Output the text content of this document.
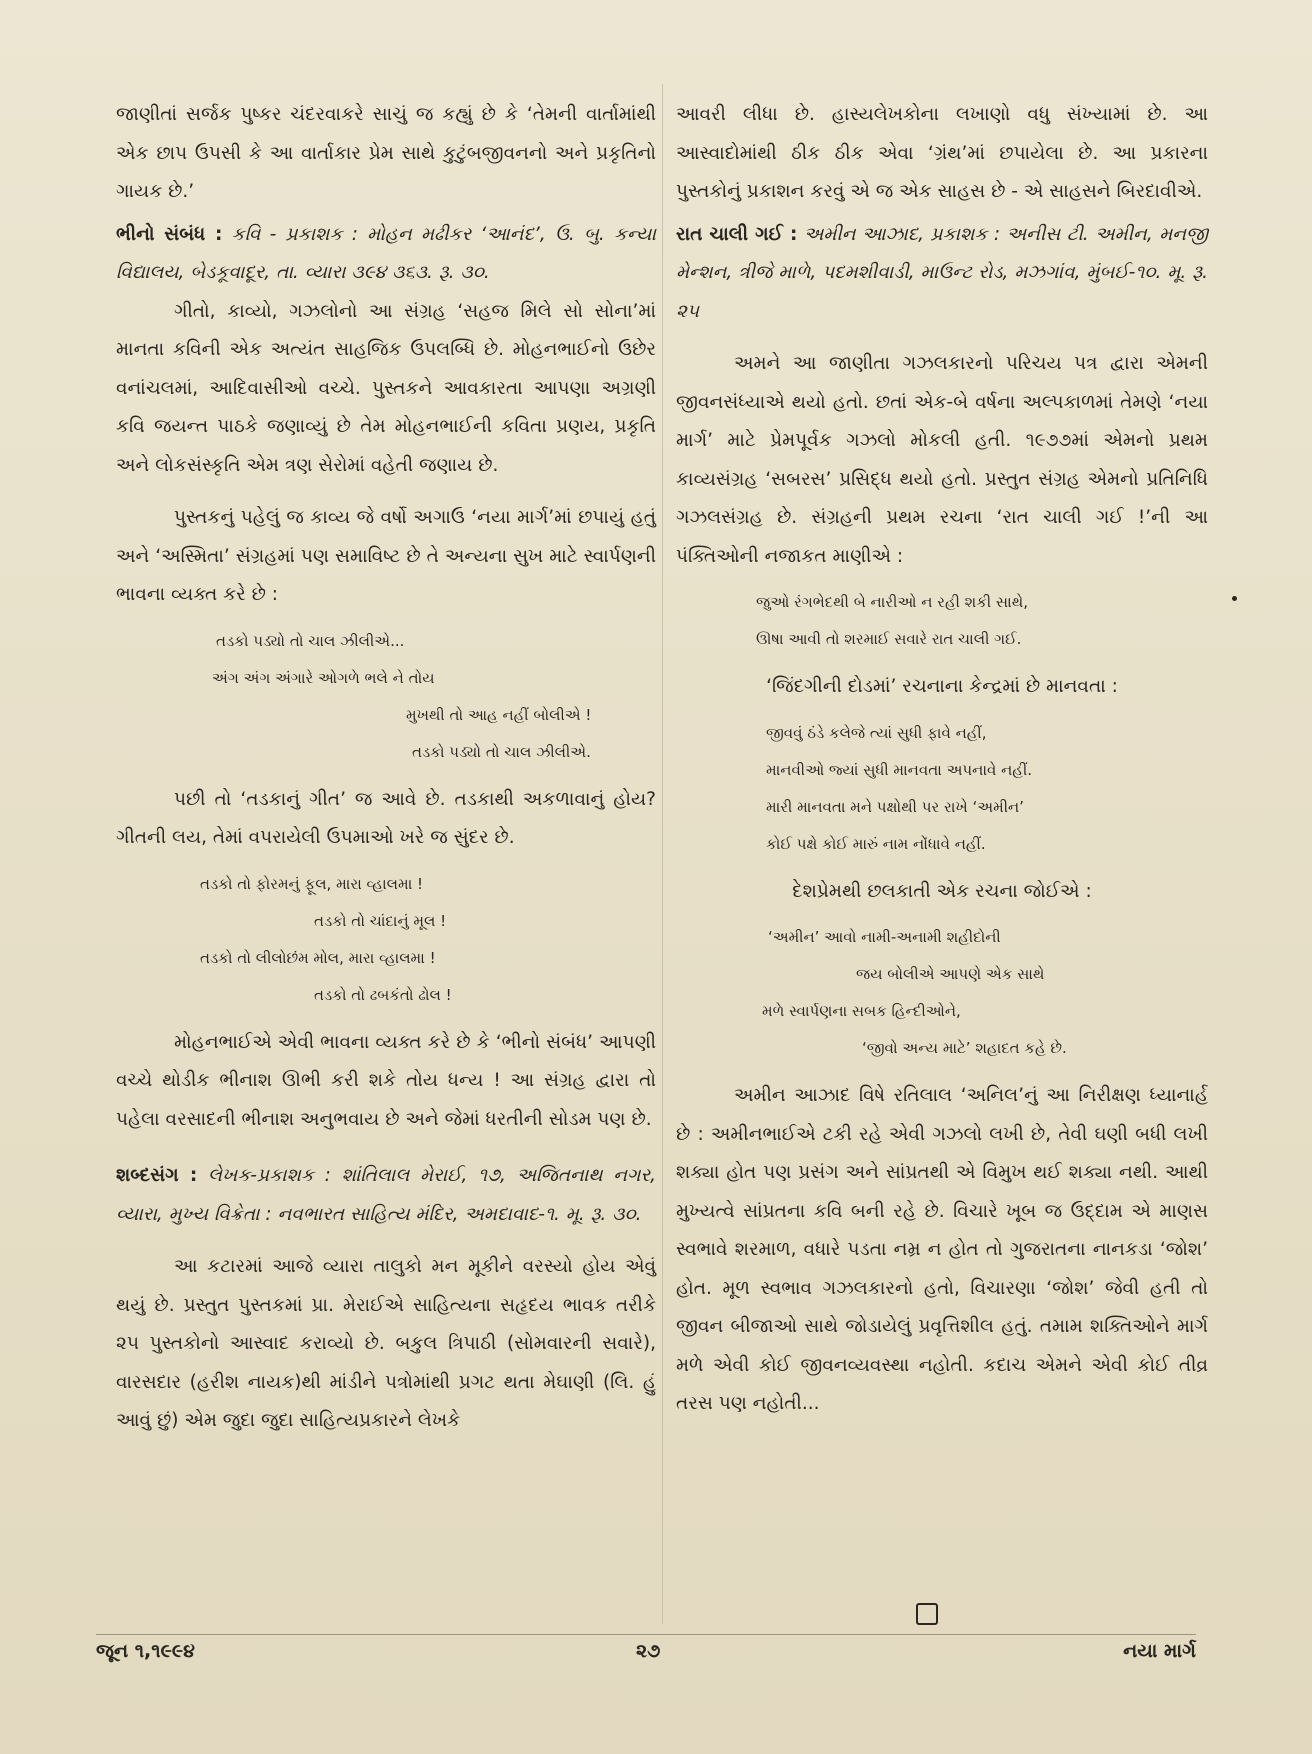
જાણીતાં સર્જક પુષ્કર ચંદરવાકરે સાચું જ કહ્યું છે કે ‘તેમની વાર્તામાંથી એક છાપ ઉપસી કે આ વાર્તાકાર પ્રેમ સાથે કુટુંબજીવનનો અને પ્રકૃતિનો ગાયક છે.’

ભીનો સંબંધ : કવિ - પ્રકાશક : મોહન મઢીકર ‘આનંદ’, ઉ. બુ. કન્યા વિદ્યાલય, બેડકૂવાદૂર, તા. વ્યારા ૩૯૪ ૩૬૩. રૂ. ૩૦.

ગીતો, કાવ્યો, ગઝલોનો આ સંગ્રહ ‘સહજ મિલે સો સોના’માં માનતા કવિની એક અત્યંત સાહજિક ઉપલબ્ધિ છે. મોહનભાઈનો ઉછેર વનાંચલમાં, આદિવાસીઓ વચ્ચે. પુસ્તકને આવકારતા આપણા અગ્રણી કવિ જયન્ત પાઠકે જણાવ્યું છે તેમ મોહનભાઈની કવિતા પ્રણય, પ્રકૃતિ અને લોકસંસ્કૃતિ એમ ત્રણ સેરોમાં વહેતી જણાય છે.

પુસ્તકનું પહેલું જ કાવ્ય જે વર્ષો અગાઉ ‘નયા માર્ગ’માં છપાયું હતું અને ‘અસ્મિતા’ સંગ્રહમાં પણ સમાવિષ્ટ છે તે અન્યના સુખ માટે સ્વાર્પણની ભાવના વ્યક્ત કરે છે :

તડકો પડ્યો તો ચાલ ઝીલીએ...
અંગ અંગ અંગારે ઓગળે ભલે ને તોય
મુખથી તો આહ નહીં બોલીએ !
તડકો પડ્યો તો ચાલ ઝીલીએ.

પછી તો ‘તડકાનું ગીત’ જ આવે છે. તડકાથી અકળાવાનું હોય? ગીતની લય, તેમાં વપરાયેલી ઉપમાઓ ખરે જ સુંદર છે.

તડકો તો ફોરમનું ફૂલ, મારા વ્હાલમા !
તડકો તો ચાંદાનું મૂલ !
તડકો તો લીલોછંમ મોલ, મારા વ્હાલમા !
તડકો તો ઢબકંતો ઢોલ !

મોહનભાઈએ એવી ભાવના વ્યક્ત કરે છે કે ‘ભીનો સંબંધ’ આપણી વચ્ચે થોડીક ભીનાશ ઊભી કરી શકે તોય ધન્ય ! આ સંગ્રહ દ્વારા તો પહેલા વરસાદની ભીનાશ અનુભવાય છે અને જેમાં ધરતીની સોડમ પણ છે.

શબ્દસંગ : લેખક-પ્રકાશક : શાંતિલાલ મેરાઈ, ૧૭, અજિતનાથ નગર, વ્યારા, મુખ્ય વિક્રેતા : નવભારત સાહિત્ય મંદિર, અમદાવાદ-૧. મૂ. રૂ. ૩૦.

આ કટારમાં આજે વ્યારા તાલુકો મન મૂકીને વરસ્યો હોય એવું થયું છે. પ્રસ્તુત પુસ્તકમાં પ્રા. મેરાઈએ સાહિત્યના સહૃદય ભાવક તરીકે ૨૫ પુસ્તકોનો આસ્વાદ કરાવ્યો છે. બકુલ ત્રિપાઠી (સોમવારની સવારે), વારસદાર (હરીશ નાયક)થી માંડીને પત્રોમાંથી પ્રગટ થતા મેઘાણી (લિ. હું આવું છું) એમ જુદા જુદા સાહિત્યપ્રકારને લેખકે

આવરી લીધા છે. હાસ્યલેખકોના લખાણો વધુ સંખ્યામાં છે. આ આસ્વાદોમાંથી ઠીક ઠીક એવા ‘ગ્રંથ’માં છપાયેલા છે. આ પ્રકારના પુસ્તકોનું પ્રકાશન કરવું એ જ એક સાહસ છે - એ સાહસને બિરદાવીએ.

રાત ચાલી ગઈ : અમીન આઝાદ, પ્રકાશક : અનીસ ટી. અમીન, મનજી મેન્શન, ત્રીજે માળે, પદમશીવાડી, માઉન્ટ રોડ, મઝગાંવ, મુંબઈ-૧૦. મૂ. રૂ. ૨૫

અમને આ જાણીતા ગઝલકારનો પરિચય પત્ર દ્વારા એમની જીવનસંધ્યાએ થયો હતો. છતાં એક-બે વર્ષના અલ્પકાળમાં તેમણે ‘નયા માર્ગ’ માટે પ્રેમપૂર્વક ગઝલો મોકલી હતી. ૧૯૭૭માં એમનો પ્રથમ કાવ્યસંગ્રહ ‘સબરસ’ પ્રસિદ્ધ થયો હતો. પ્રસ્તુત સંગ્રહ એમનો પ્રતિનિધિ ગઝલસંગ્રહ છે. સંગ્રહની પ્રથમ રચના ‘રાત ચાલી ગઈ !’ની આ પંક્તિઓની નજાકત માણીએ :

જુઓ રંગભેદથી બે નારીઓ ન રહી શકી સાથે,
ઊષા આવી તો શરમાઈ સવારે રાત ચાલી ગઈ.

‘જિંદગીની દોડમાં’ રચનાના કેન્દ્રમાં છે માનવતા :

જીવવું ઠંડે કલેજે ત્યાં સુધી ફાવે નહીં,
માનવીઓ જ્યાં સુધી માનવતા અપનાવે નહીં.
મારી માનવતા મને પક્ષોથી પર રાખે ‘અમીન’
કોઈ પક્ષે કોઈ મારું નામ નોંધાવે નહીં.

દેશપ્રેમથી છલકાતી એક રચના જોઈએ :

‘અમીન’ આવો નામી-અનામી શહીદોની
જય બોલીએ આપણે એક સાથે
મળે સ્વાર્પણના સબક હિન્દીઓને,
‘જીવો અન્ય માટે’ શહાદત કહે છે.

અમીન આઝાદ વિષે રતિલાલ ‘અનિલ’નું આ નિરીક્ષણ ધ્યાનાર્હ છે : અમીનભાઈએ ટકી રહે એવી ગઝલો લખી છે, તેવી ઘણી બધી લખી શક્યા હોત પણ પ્રસંગ અને સાંપ્રતથી એ વિમુખ થઈ શક્યા નથી. આથી મુખ્યત્વે સાંપ્રતના કવિ બની રહે છે. વિચારે ખૂબ જ ઉદ્દામ એ માણસ સ્વભાવે શરમાળ, વધારે પડતા નમ્ર ન હોત તો ગુજરાતના નાનકડા ‘જોશ’ હોત. મૂળ સ્વભાવ ગઝલકારનો હતો, વિચારણા ‘જોશ’ જેવી હતી તો જીવન બીજાઓ સાથે જોડાયેલું પ્રવૃત્તિશીલ હતું. તમામ શક્તિઓને માર્ગ મળે એવી કોઈ જીવનવ્યવસ્થા નહોતી. કદાચ એમને એવી કોઈ તીવ્ર તરસ પણ નહોતી...

જૂન ૧,૧૯૯૪	૨૭	નયા માર્ગ
